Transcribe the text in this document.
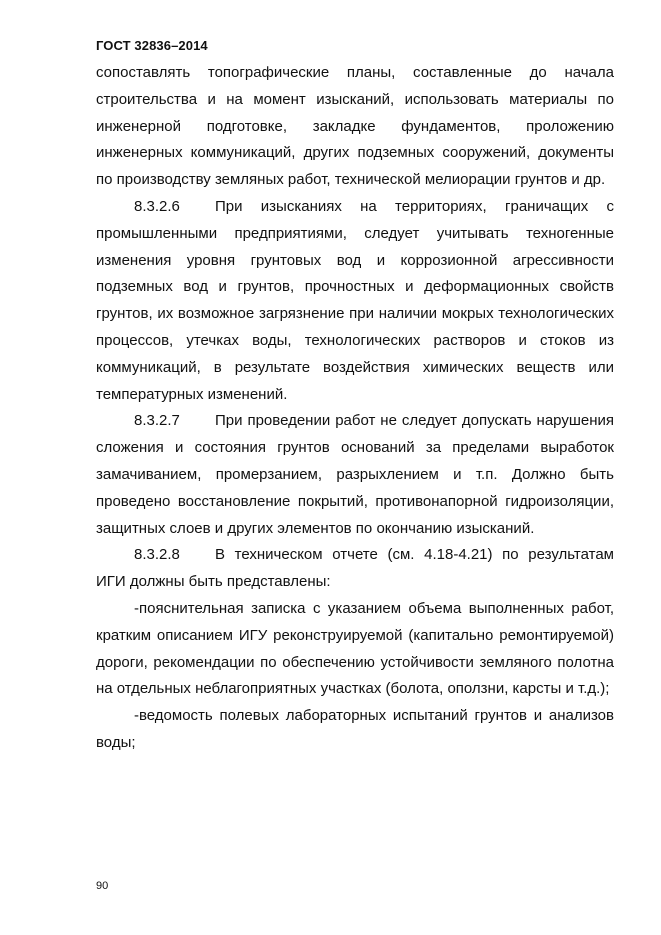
ГОСТ 32836–2014

сопоставлять топографические планы, составленные до начала строительства и на момент изысканий, использовать материалы по инженерной подготовке, закладке фундаментов, проложению инженерных коммуникаций, других подземных сооружений, документы по производству земляных работ, технической мелиорации грунтов и др.

8.3.2.6 При изысканиях на территориях, граничащих с промышленными предприятиями, следует учитывать техногенные изменения уровня грунтовых вод и коррозионной агрессивности подземных вод и грунтов, прочностных и деформационных свойств грунтов, их возможное загрязнение при наличии мокрых технологических процессов, утечках воды, технологических растворов и стоков из коммуникаций, в результате воздействия химических веществ или температурных изменений.

8.3.2.7 При проведении работ не следует допускать нарушения сложения и состояния грунтов оснований за пределами выработок замачиванием, промерзанием, разрыхлением и т.п. Должно быть проведено восстановление покрытий, противонапорной гидроизоляции, защитных слоев и других элементов по окончанию изысканий.

8.3.2.8 В техническом отчете (см. 4.18-4.21) по результатам ИГИ должны быть представлены:

-пояснительная записка с указанием объема выполненных работ, кратким описанием ИГУ реконструируемой (капитально ремонтируемой) дороги, рекомендации по обеспечению устойчивости земляного полотна на отдельных неблагоприятных участках (болота, оползни, карсты и т.д.);

-ведомость полевых лабораторных испытаний грунтов и анализов воды;

90
